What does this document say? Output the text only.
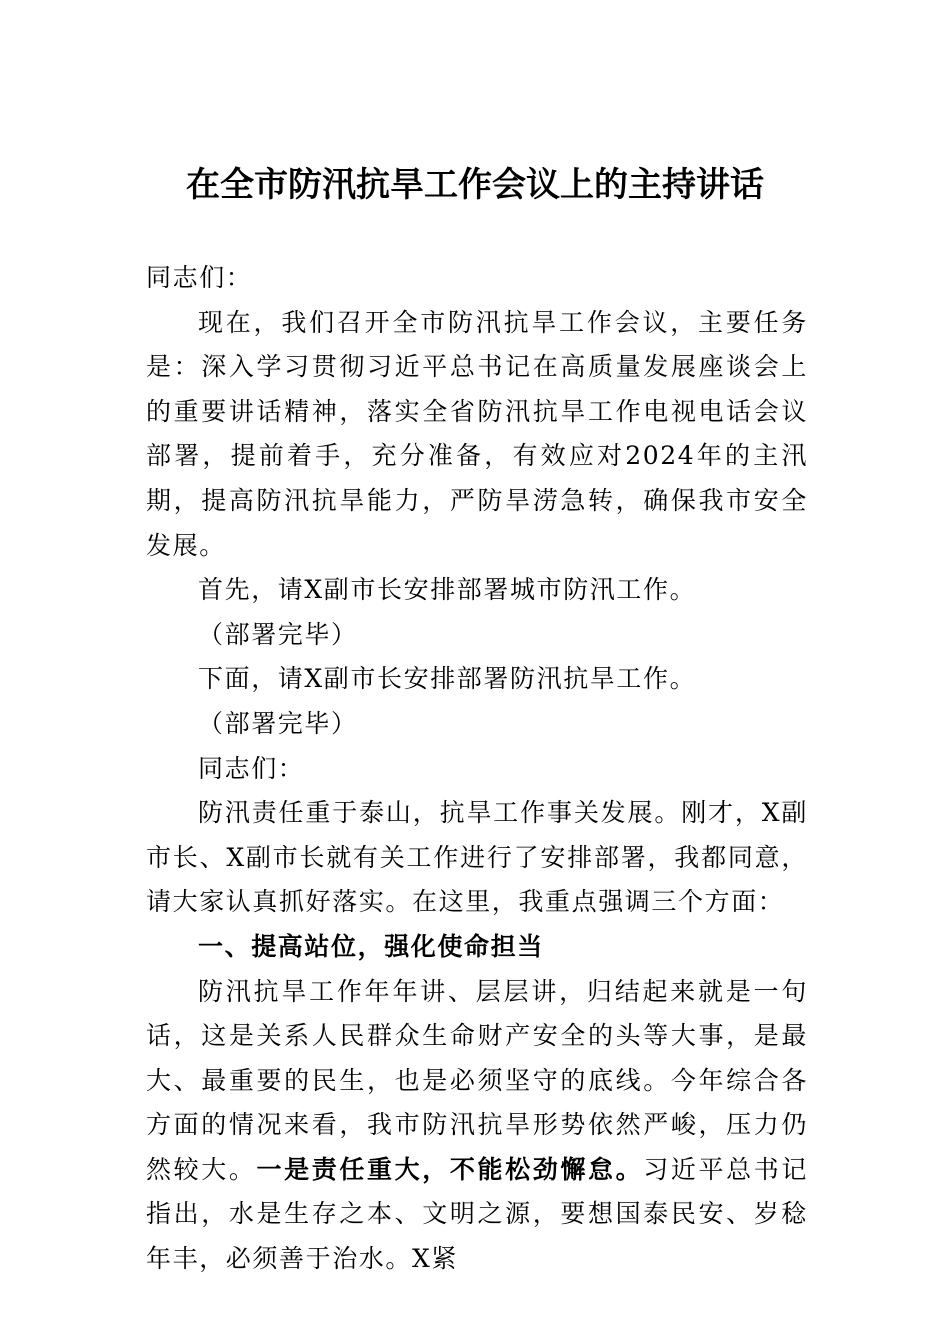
在全市防汛抗旱工作会议上的主持讲话

同志们：

现在，我们召开全市防汛抗旱工作会议，主要任务是：深入学习贯彻习近平总书记在高质量发展座谈会上的重要讲话精神，落实全省防汛抗旱工作电视电话会议部署，提前着手，充分准备，有效应对2024年的主汛期，提高防汛抗旱能力，严防旱涝急转，确保我市安全发展。

首先，请X副市长安排部署城市防汛工作。

（部署完毕）

下面，请X副市长安排部署防汛抗旱工作。

（部署完毕）

同志们：

防汛责任重于泰山，抗旱工作事关发展。刚才，X副市长、X副市长就有关工作进行了安排部署，我都同意，请大家认真抓好落实。在这里，我重点强调三个方面：

一、提高站位，强化使命担当

防汛抗旱工作年年讲、层层讲，归结起来就是一句话，这是关系人民群众生命财产安全的头等大事，是最大、最重要的民生，也是必须坚守的底线。今年综合各方面的情况来看，我市防汛抗旱形势依然严峻，压力仍然较大。一是责任重大，不能松劲懈怠。习近平总书记指出，水是生存之本、文明之源，要想国泰民安、岁稔年丰，必须善于治水。X紧
